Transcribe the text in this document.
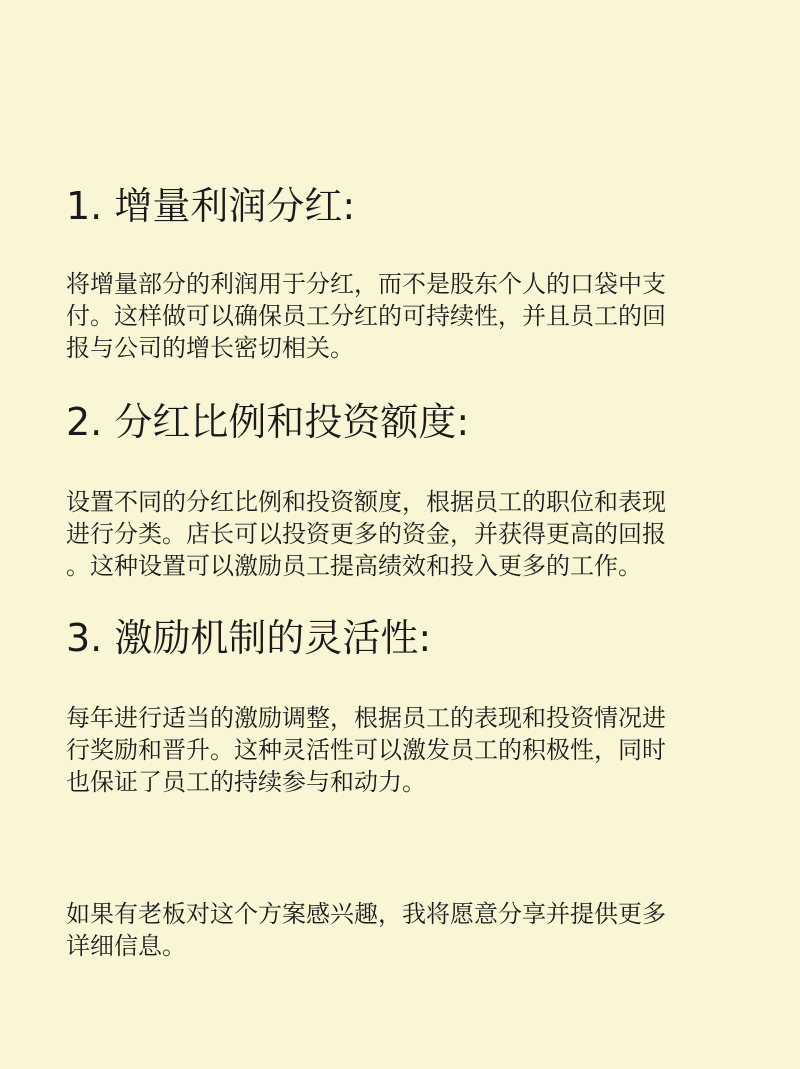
1. 增量利润分红:

将增量部分的利润用于分红，而不是股东个人的口袋中支
付。这样做可以确保员工分红的可持续性，并且员工的回
报与公司的增长密切相关。

2. 分红比例和投资额度:

设置不同的分红比例和投资额度，根据员工的职位和表现
进行分类。店长可以投资更多的资金，并获得更高的回报
。这种设置可以激励员工提高绩效和投入更多的工作。

3. 激励机制的灵活性:

每年进行适当的激励调整，根据员工的表现和投资情况进
行奖励和晋升。这种灵活性可以激发员工的积极性，同时
也保证了员工的持续参与和动力。

如果有老板对这个方案感兴趣，我将愿意分享并提供更多
详细信息。
